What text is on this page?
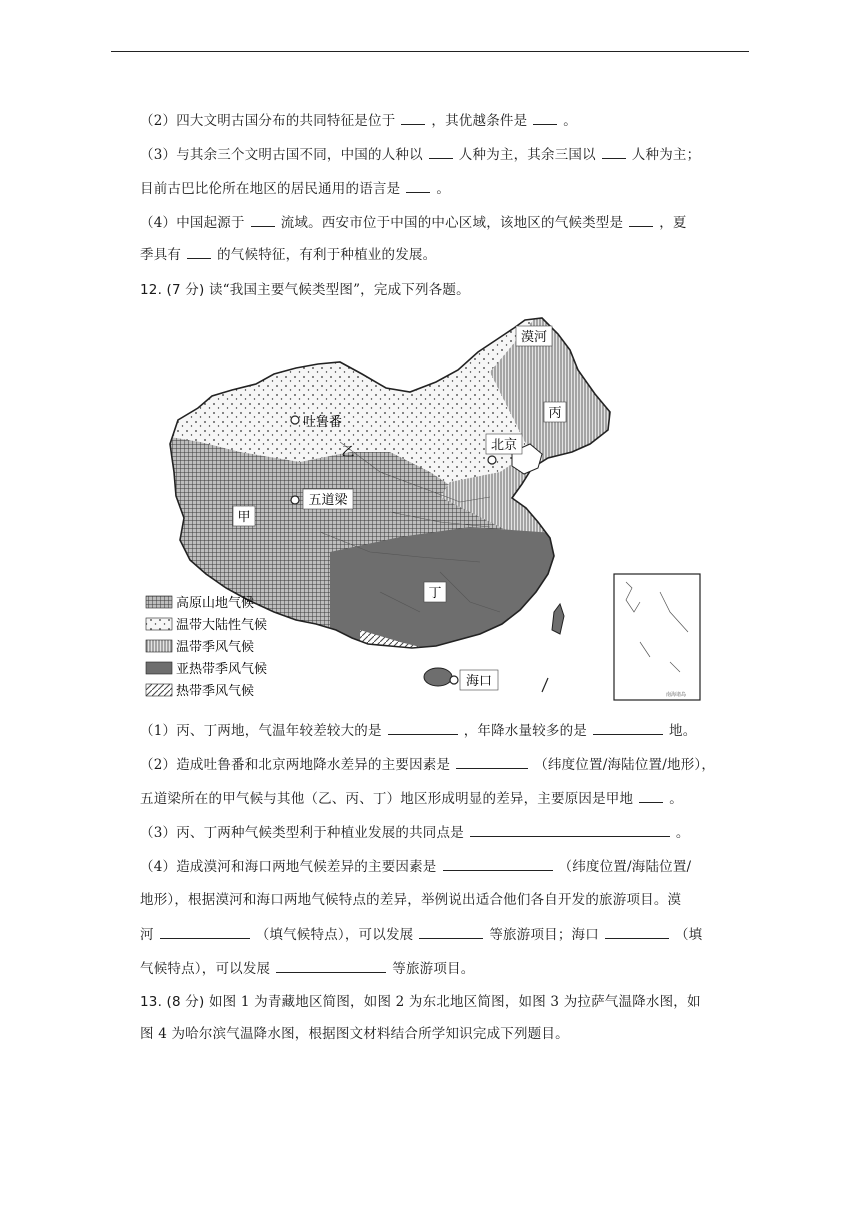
（2）四大文明古国分布的共同特征是位于	，其优越条件是	。
（3）与其余三个文明古国不同，中国的人种以	人种为主，其余三国以	人种为主；
目前古巴比伦所在地区的居民通用的语言是	。
（4）中国起源于	流域。西安市位于中国的中心区域，该地区的气候类型是	，夏
季具有	的气候特征，有利于种植业的发展。
12. (7 分) 读“我国主要气候类型图”，完成下列各题。
南海诸岛
漠河
丙
北京
吐鲁番
乙
五道梁
甲
丁
海口
高原山地气候
温带大陆性气候
温带季风气候
亚热带季风气候
热带季风气候
（1）丙、丁两地，气温年较差较大的是	，年降水量较多的是	地。
（2）造成吐鲁番和北京两地降水差异的主要因素是	（纬度位置/海陆位置/地形），
五道梁所在的甲气候与其他（乙、丙、丁）地区形成明显的差异，主要原因是甲地	。
（3）丙、丁两种气候类型利于种植业发展的共同点是	。
（4）造成漠河和海口两地气候差异的主要因素是	（纬度位置/海陆位置/
地形），根据漠河和海口两地气候特点的差异，举例说出适合他们各自开发的旅游项目。漠
河	（填气候特点），可以发展	等旅游项目；海口	（填
气候特点），可以发展	等旅游项目。
13. (8 分) 如图 1 为青藏地区简图，如图 2 为东北地区简图，如图 3 为拉萨气温降水图，如
图 4 为哈尔滨气温降水图，根据图文材料结合所学知识完成下列题目。
